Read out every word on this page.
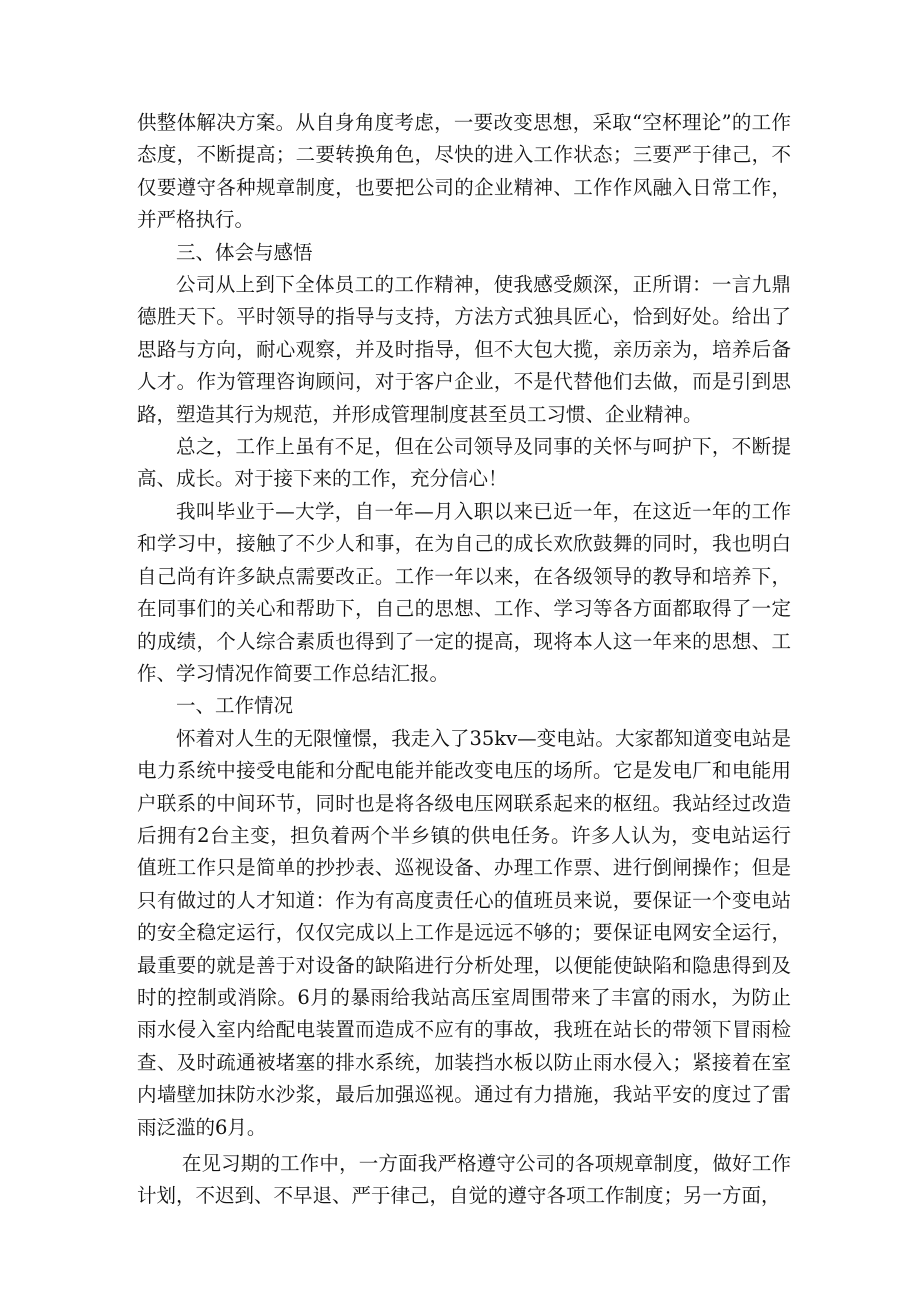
供整体解决方案。从自身角度考虑，一要改变思想，采取“空杯理论”的工作态度，不断提高；二要转换角色，尽快的进入工作状态；三要严于律己，不仅要遵守各种规章制度，也要把公司的企业精神、工作作风融入日常工作，并严格执行。

三、体会与感悟

公司从上到下全体员工的工作精神，使我感受颇深，正所谓：一言九鼎德胜天下。平时领导的指导与支持，方法方式独具匠心，恰到好处。给出了思路与方向，耐心观察，并及时指导，但不大包大揽，亲历亲为，培养后备人才。作为管理咨询顾问，对于客户企业，不是代替他们去做，而是引到思路，塑造其行为规范，并形成管理制度甚至员工习惯、企业精神。

总之，工作上虽有不足，但在公司领导及同事的关怀与呵护下，不断提高、成长。对于接下来的工作，充分信心！

我叫毕业于—大学，自一年—月入职以来已近一年，在这近一年的工作和学习中，接触了不少人和事，在为自己的成长欢欣鼓舞的同时，我也明白自己尚有许多缺点需要改正。工作一年以来，在各级领导的教导和培养下，在同事们的关心和帮助下，自己的思想、工作、学习等各方面都取得了一定的成绩，个人综合素质也得到了一定的提高，现将本人这一年来的思想、工作、学习情况作简要工作总结汇报。

一、工作情况

怀着对人生的无限憧憬，我走入了35kv—变电站。大家都知道变电站是电力系统中接受电能和分配电能并能改变电压的场所。它是发电厂和电能用户联系的中间环节，同时也是将各级电压网联系起来的枢纽。我站经过改造后拥有2台主变，担负着两个半乡镇的供电任务。许多人认为，变电站运行值班工作只是简单的抄抄表、巡视设备、办理工作票、进行倒闸操作；但是只有做过的人才知道：作为有高度责任心的值班员来说，要保证一个变电站的安全稳定运行，仅仅完成以上工作是远远不够的；要保证电网安全运行，最重要的就是善于对设备的缺陷进行分析处理，以便能使缺陷和隐患得到及时的控制或消除。6月的暴雨给我站高压室周围带来了丰富的雨水，为防止雨水侵入室内给配电装置而造成不应有的事故，我班在站长的带领下冒雨检查、及时疏通被堵塞的排水系统，加装挡水板以防止雨水侵入；紧接着在室内墙壁加抹防水沙浆，最后加强巡视。通过有力措施，我站平安的度过了雷雨泛滥的6月。

在见习期的工作中，一方面我严格遵守公司的各项规章制度，做好工作计划，不迟到、不早退、严于律己，自觉的遵守各项工作制度；另一方面，
